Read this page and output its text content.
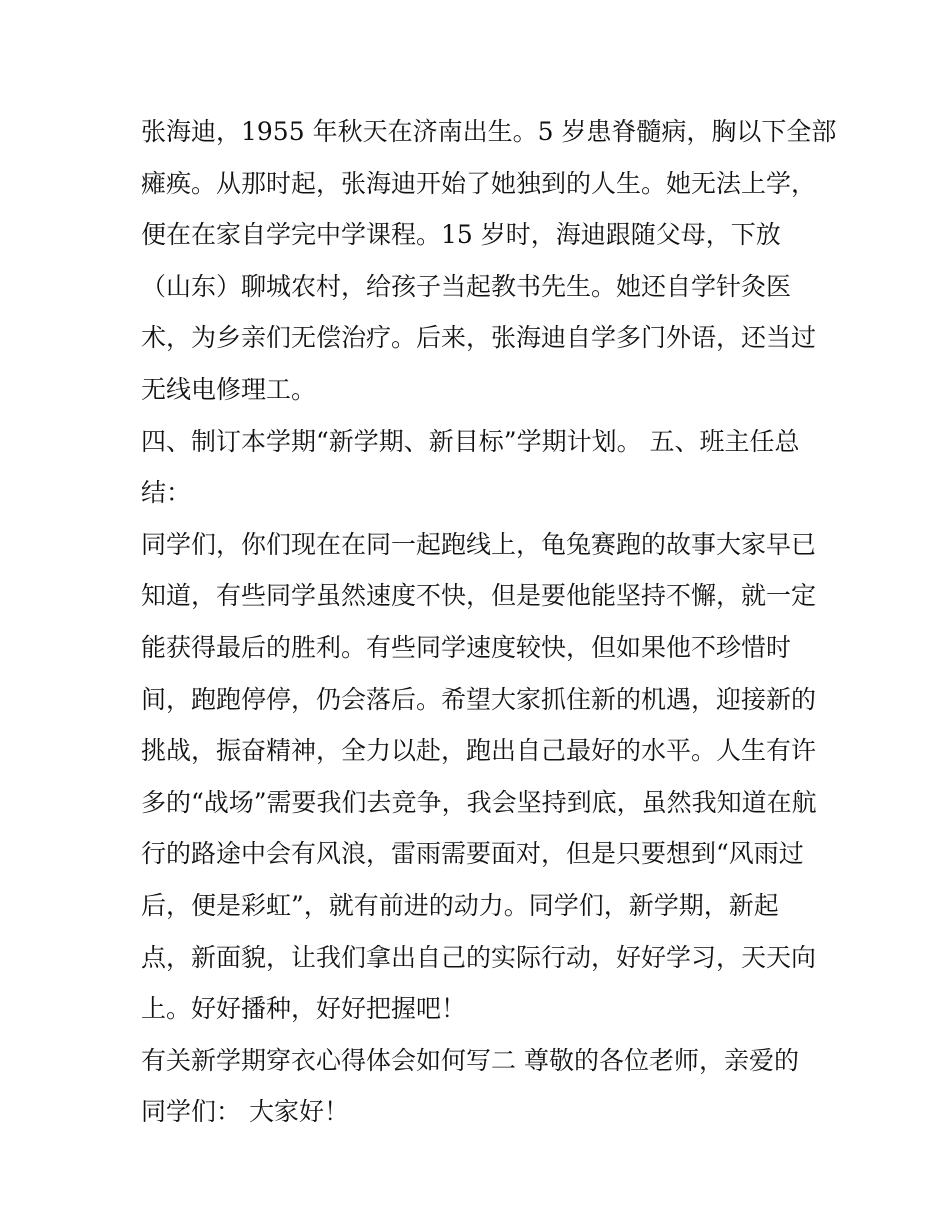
张海迪，1955 年秋天在济南出生。5 岁患脊髓病，胸以下全部
瘫痪。从那时起，张海迪开始了她独到的人生。她无法上学，
便在在家自学完中学课程。15 岁时，海迪跟随父母，下放
（山东）聊城农村，给孩子当起教书先生。她还自学针灸医
术，为乡亲们无偿治疗。后来，张海迪自学多门外语，还当过
无线电修理工。
四、制订本学期“新学期、新目标”学期计划。 五、班主任总
结：
同学们，你们现在在同一起跑线上，龟兔赛跑的故事大家早已
知道，有些同学虽然速度不快，但是要他能坚持不懈，就一定
能获得最后的胜利。有些同学速度较快，但如果他不珍惜时
间，跑跑停停，仍会落后。希望大家抓住新的机遇，迎接新的
挑战，振奋精神，全力以赴，跑出自己最好的水平。人生有许
多的“战场”需要我们去竞争，我会坚持到底，虽然我知道在航
行的路途中会有风浪，雷雨需要面对，但是只要想到“风雨过
后，便是彩虹”，就有前进的动力。同学们，新学期，新起
点，新面貌，让我们拿出自己的实际行动，好好学习，天天向
上。好好播种，好好把握吧！
有关新学期穿衣心得体会如何写二 尊敬的各位老师，亲爱的
同学们： 大家好！
